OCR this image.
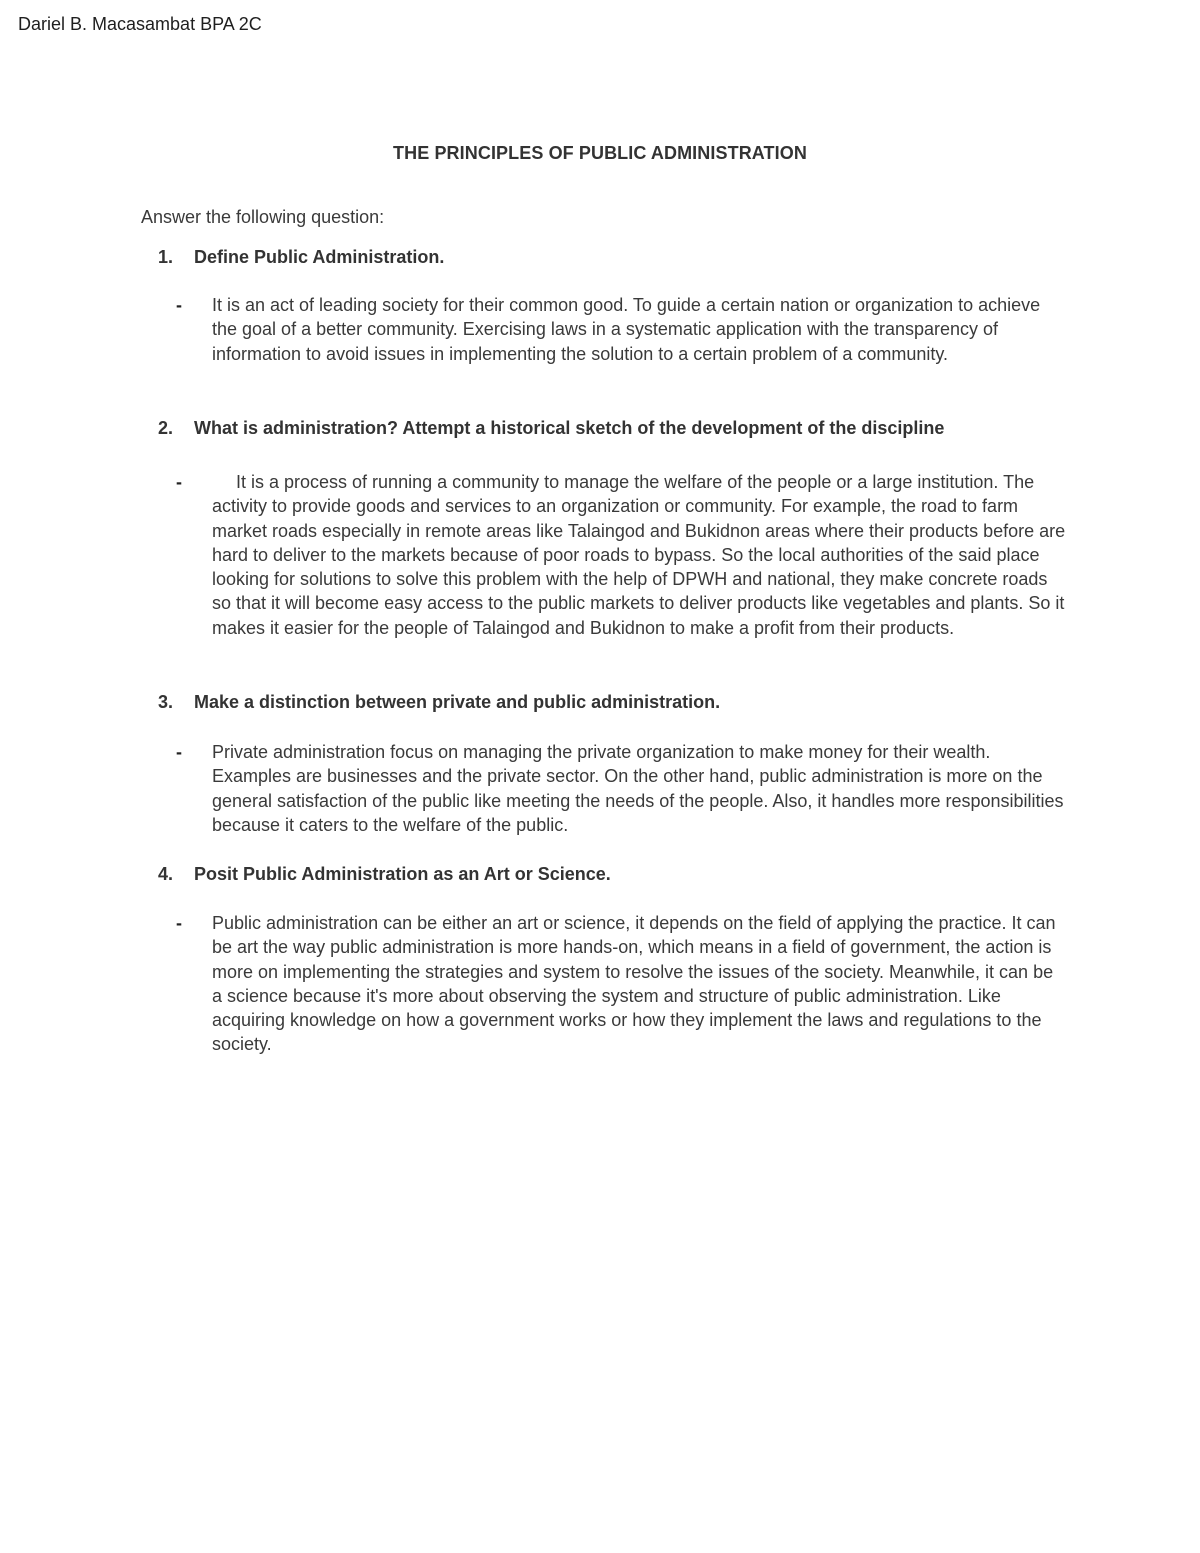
Dariel B. Macasambat BPA 2C
THE PRINCIPLES OF PUBLIC ADMINISTRATION
Answer the following question:
1.	Define Public Administration.
-	It is an act of leading society for their common good. To guide a certain nation or organization to achieve the goal of a better community. Exercising laws in a systematic application with the transparency of information to avoid issues in implementing the solution to a certain problem of a community.
2.	What is administration? Attempt a historical sketch of the development of the discipline
-	It is a process of running a community to manage the welfare of the people or a large institution. The activity to provide goods and services to an organization or community. For example, the road to farm market roads especially in remote areas like Talaingod and Bukidnon areas where their products before are hard to deliver to the markets because of poor roads to bypass. So the local authorities of the said place looking for solutions to solve this problem with the help of DPWH and national, they make concrete roads so that it will become easy access to the public markets to deliver products like vegetables and plants. So it makes it easier for the people of Talaingod and Bukidnon to make a profit from their products.
3.	Make a distinction between private and public administration.
-	Private administration focus on managing the private organization to make money for their wealth. Examples are businesses and the private sector. On the other hand, public administration is more on the general satisfaction of the public like meeting the needs of the people. Also, it handles more responsibilities because it caters to the welfare of the public.
4.	Posit Public Administration as an Art or Science.
-	Public administration can be either an art or science, it depends on the field of applying the practice. It can be art the way public administration is more hands-on, which means in a field of government, the action is more on implementing the strategies and system to resolve the issues of the society. Meanwhile, it can be a science because it's more about observing the system and structure of public administration. Like acquiring knowledge on how a government works or how they implement the laws and regulations to the society.
